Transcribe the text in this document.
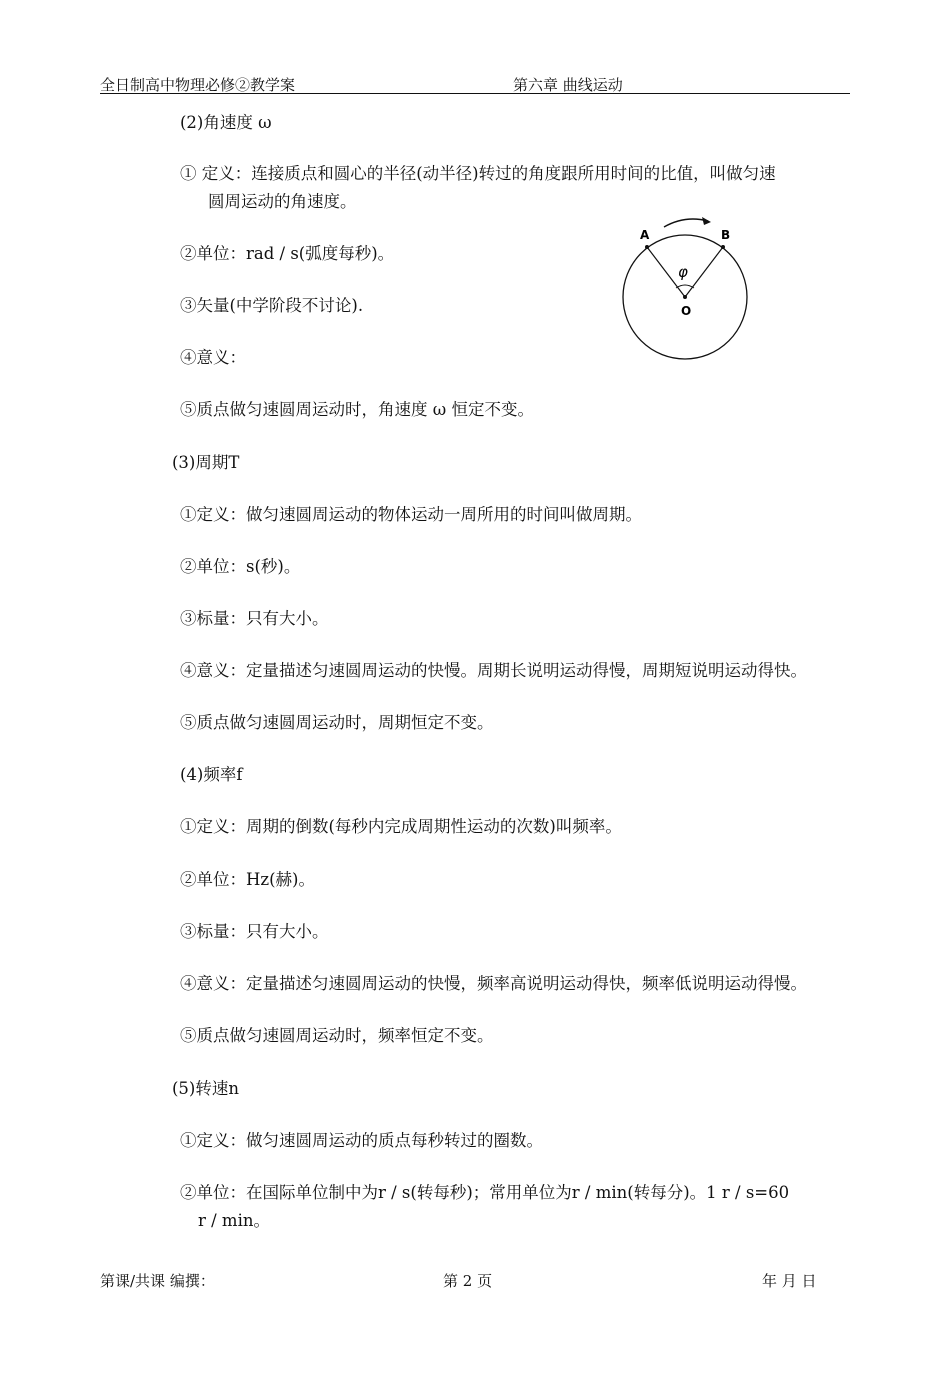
全日制高中物理必修②教学案	第六章 曲线运动
(2)角速度 ω
① 定义：连接质点和圆心的半径(动半径)转过的角度跟所用时间的比值，叫做匀速
圆周运动的角速度。
②单位：rad / s(弧度每秒)。
③矢量(中学阶段不讨论).
④意义：
⑤质点做匀速圆周运动时，角速度 ω 恒定不变。
A	B
O
φ
(3)周期T
①定义：做匀速圆周运动的物体运动一周所用的时间叫做周期。
②单位：s(秒)。
③标量：只有大小。
④意义：定量描述匀速圆周运动的快慢。周期长说明运动得慢，周期短说明运动得快。
⑤质点做匀速圆周运动时，周期恒定不变。
(4)频率f
①定义：周期的倒数(每秒内完成周期性运动的次数)叫频率。
②单位：Hz(赫)。
③标量：只有大小。
④意义：定量描述匀速圆周运动的快慢，频率高说明运动得快，频率低说明运动得慢。
⑤质点做匀速圆周运动时，频率恒定不变。
(5)转速n
①定义：做匀速圆周运动的质点每秒转过的圈数。
②单位：在国际单位制中为r / s(转每秒)；常用单位为r / min(转每分)。1 r / s=60
r / min。
第课/共课 编撰：	第 2 页	年 月 日
